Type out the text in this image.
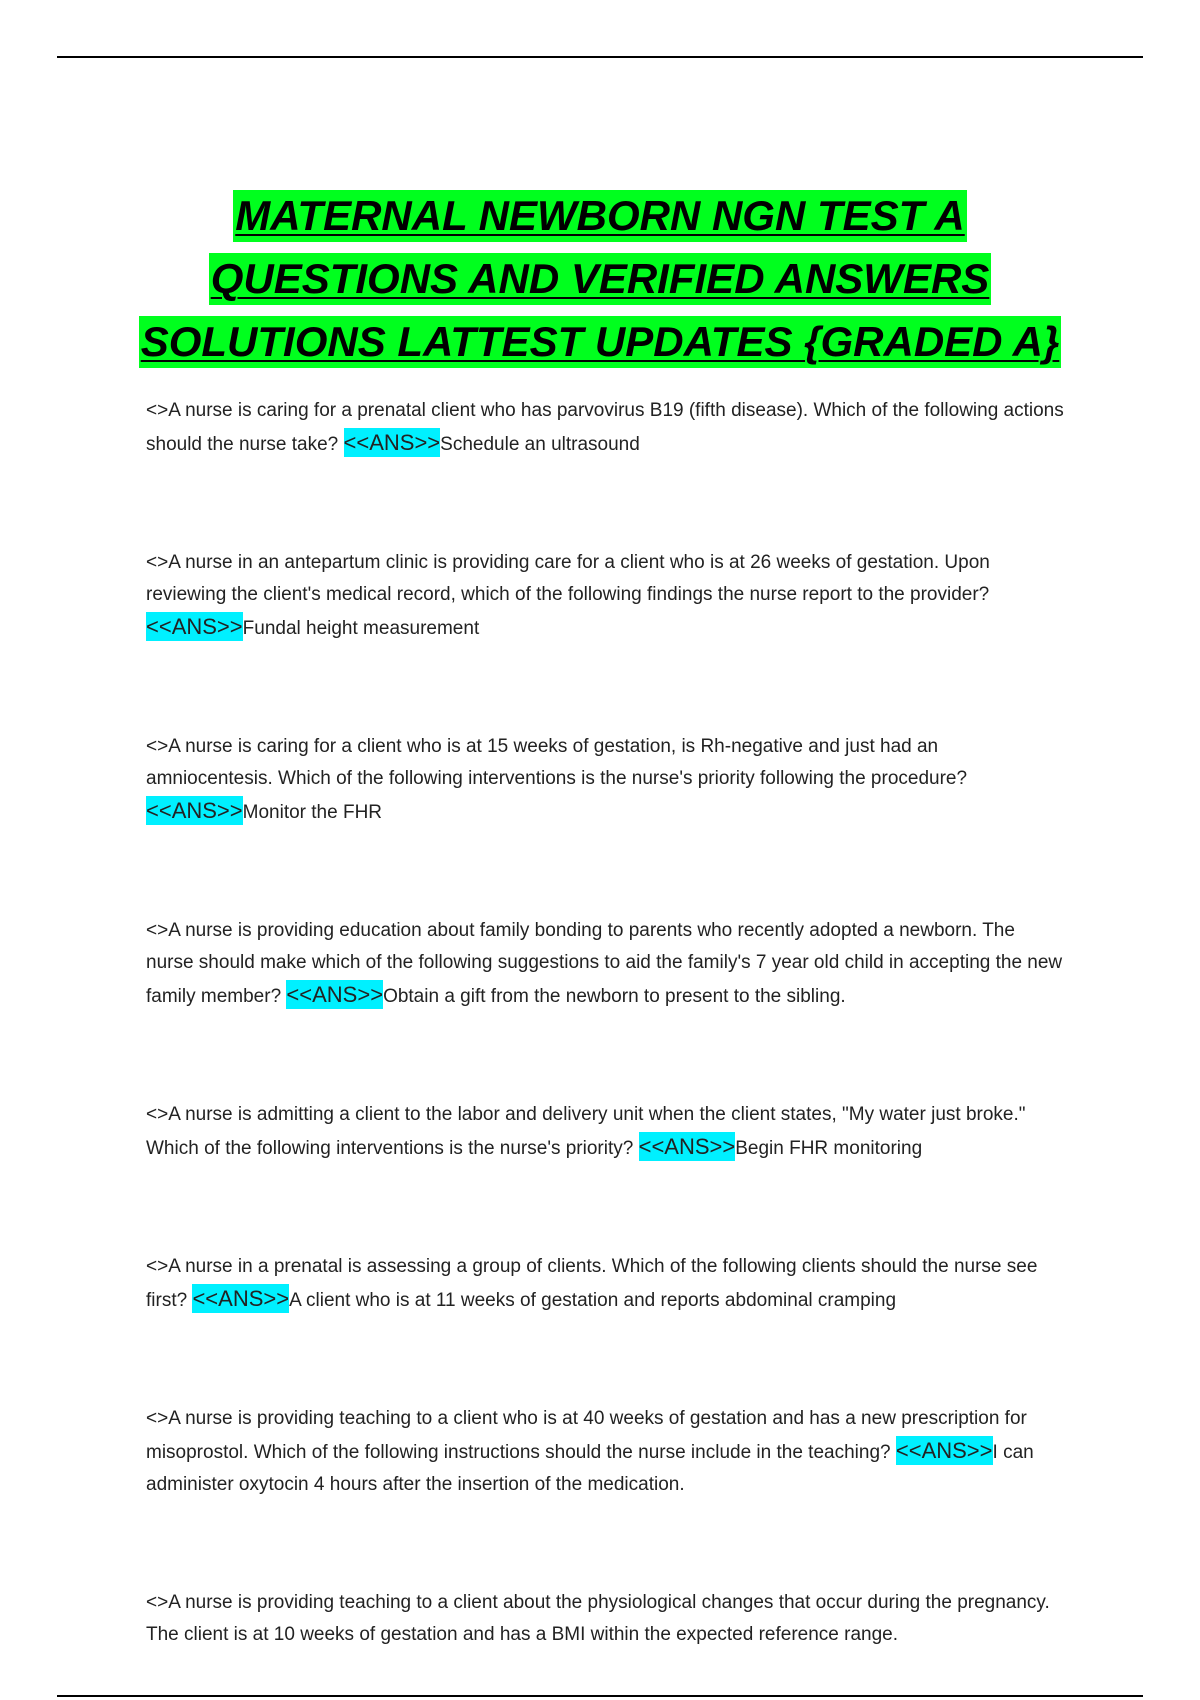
MATERNAL NEWBORN NGN TEST A
QUESTIONS AND VERIFIED ANSWERS
SOLUTIONS LATTEST UPDATES {GRADED A}

<>A nurse is caring for a prenatal client who has parvovirus B19 (fifth disease). Which of the following actions should the nurse take? <<ANS>>Schedule an ultrasound

<>A nurse in an antepartum clinic is providing care for a client who is at 26 weeks of gestation. Upon reviewing the client's medical record, which of the following findings the nurse report to the provider? <<ANS>>Fundal height measurement

<>A nurse is caring for a client who is at 15 weeks of gestation, is Rh-negative and just had an amniocentesis. Which of the following interventions is the nurse's priority following the procedure? <<ANS>>Monitor the FHR

<>A nurse is providing education about family bonding to parents who recently adopted a newborn. The nurse should make which of the following suggestions to aid the family's 7 year old child in accepting the new family member? <<ANS>>Obtain a gift from the newborn to present to the sibling.

<>A nurse is admitting a client to the labor and delivery unit when the client states, "My water just broke." Which of the following interventions is the nurse's priority? <<ANS>>Begin FHR monitoring

<>A nurse in a prenatal is assessing a group of clients. Which of the following clients should the nurse see first? <<ANS>>A client who is at 11 weeks of gestation and reports abdominal cramping

<>A nurse is providing teaching to a client who is at 40 weeks of gestation and has a new prescription for misoprostol. Which of the following instructions should the nurse include in the teaching? <<ANS>>I can administer oxytocin 4 hours after the insertion of the medication.

<>A nurse is providing teaching to a client about the physiological changes that occur during the pregnancy. The client is at 10 weeks of gestation and has a BMI within the expected reference range.
